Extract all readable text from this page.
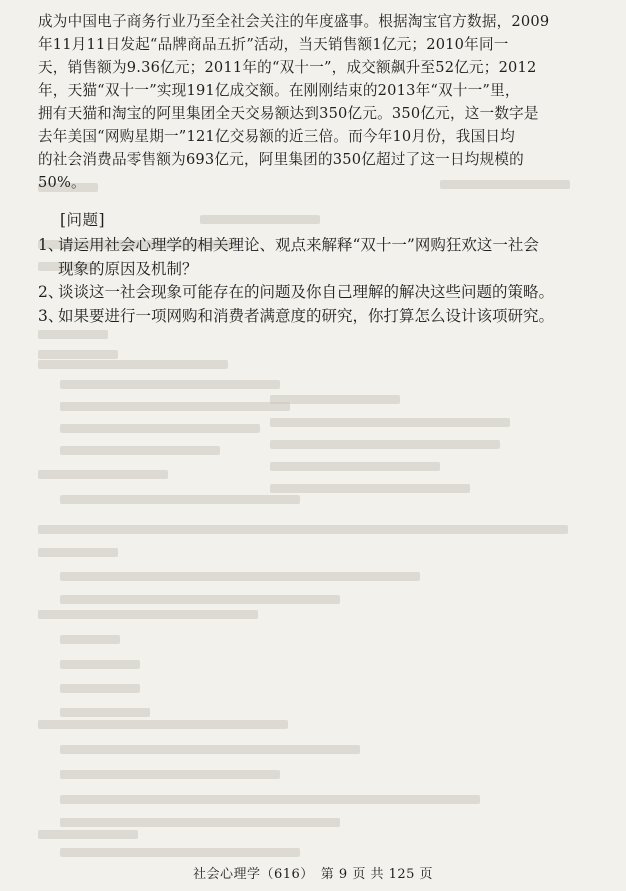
成为中国电子商务行业乃至全社会关注的年度盛事。根据淘宝官方数据，2009
年11月11日发起“品牌商品五折”活动，当天销售额1亿元；2010年同一
天，销售额为9.36亿元；2011年的“双十一”，成交额飙升至52亿元；2012
年，天猫“双十一”实现191亿成交额。在刚刚结束的2013年“双十一”里，
拥有天猫和淘宝的阿里集团全天交易额达到350亿元。350亿元，这一数字是
去年美国“网购星期一”121亿交易额的近三倍。而今年10月份，我国日均
的社会消费品零售额为693亿元，阿里集团的350亿超过了这一日均规模的
50%。
[问题]
1、
请运用社会心理学的相关理论、观点来解释“双十一”网购狂欢这一社会
现象的原因及机制？
2、
谈谈这一社会现象可能存在的问题及你自己理解的解决这些问题的策略。
3、
如果要进行一项网购和消费者满意度的研究，你打算怎么设计该项研究。
社会心理学（616）　第 9 页 共 125 页
